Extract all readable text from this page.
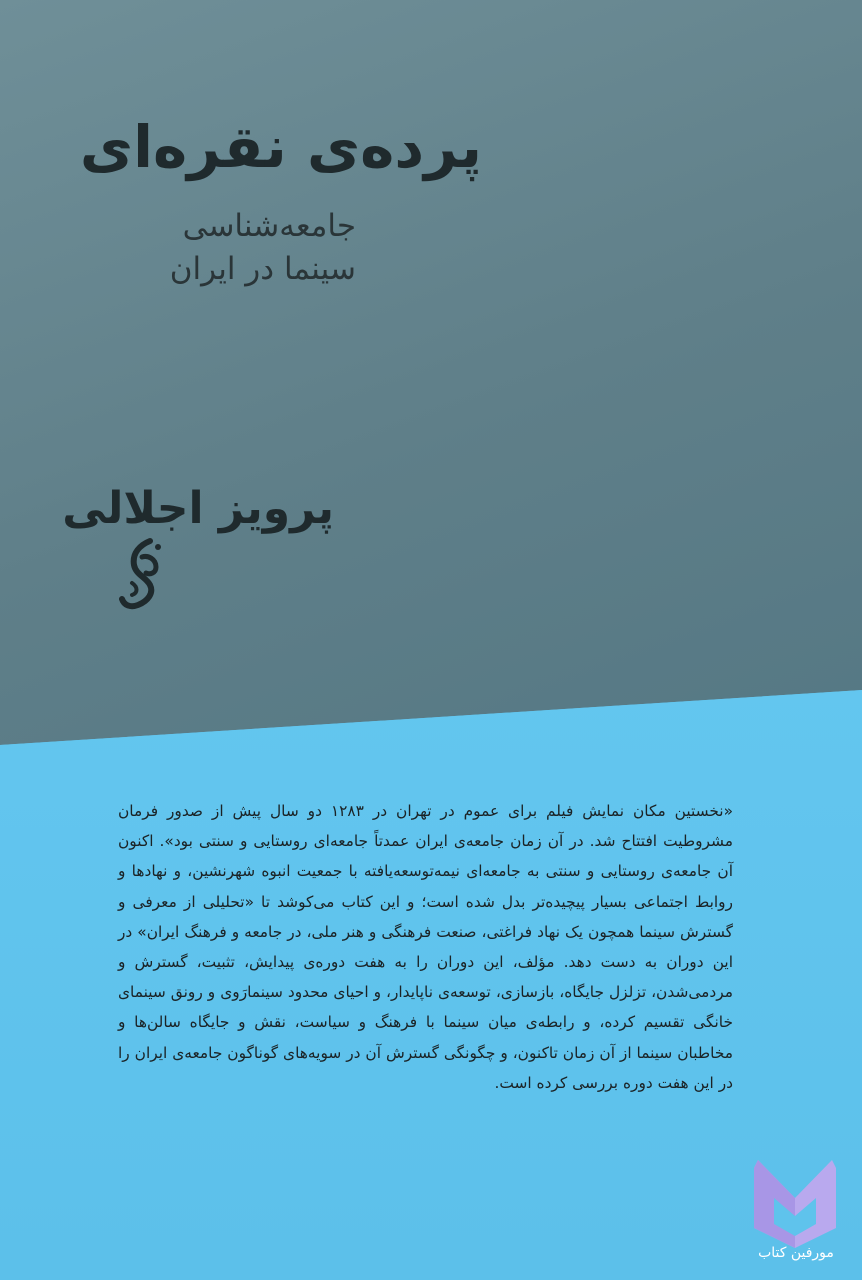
پرده‌ی نقره‌ای
جامعه‌شناسی
سینما در ایران
پرویز اجلالی

«نخستین مکان نمایش فیلم برای عموم در تهران در ۱۲۸۳ دو سال پیش از صدور فرمان مشروطیت افتتاح شد. در آن زمان جامعه‌ی ایران عمدتاً جامعه‌ای روستایی و سنتی بود». اکنون آن جامعه‌ی روستایی و سنتی به جامعه‌ای نیمه‌توسعه‌یافته با جمعیت انبوه شهرنشین، و نهادها و روابط اجتماعی بسیار پیچیده‌تر بدل شده است؛ و این کتاب می‌کوشد تا «تحلیلی از معرفی و گسترش سینما همچون یک نهاد فراغتی، صنعت فرهنگی و هنر ملی، در جامعه و فرهنگ ایران» در این دوران به دست دهد. مؤلف، این دوران را به هفت دوره‌ی پیدایش، تثبیت، گسترش و مردمی‌شدن، تزلزل جایگاه، بازسازی، توسعه‌ی ناپایدار، و احیای محدود سینمارَوی و رونق سینمای خانگی تقسیم کرده، و رابطه‌ی میان سینما با فرهنگ و سیاست، نقش و جایگاه سالن‌ها و مخاطبان سینما از آن زمان تاکنون، و چگونگی گسترش آن در سویه‌های گوناگون جامعه‌ی ایران را در این هفت دوره بررسی کرده است.

مورفین کتاب
